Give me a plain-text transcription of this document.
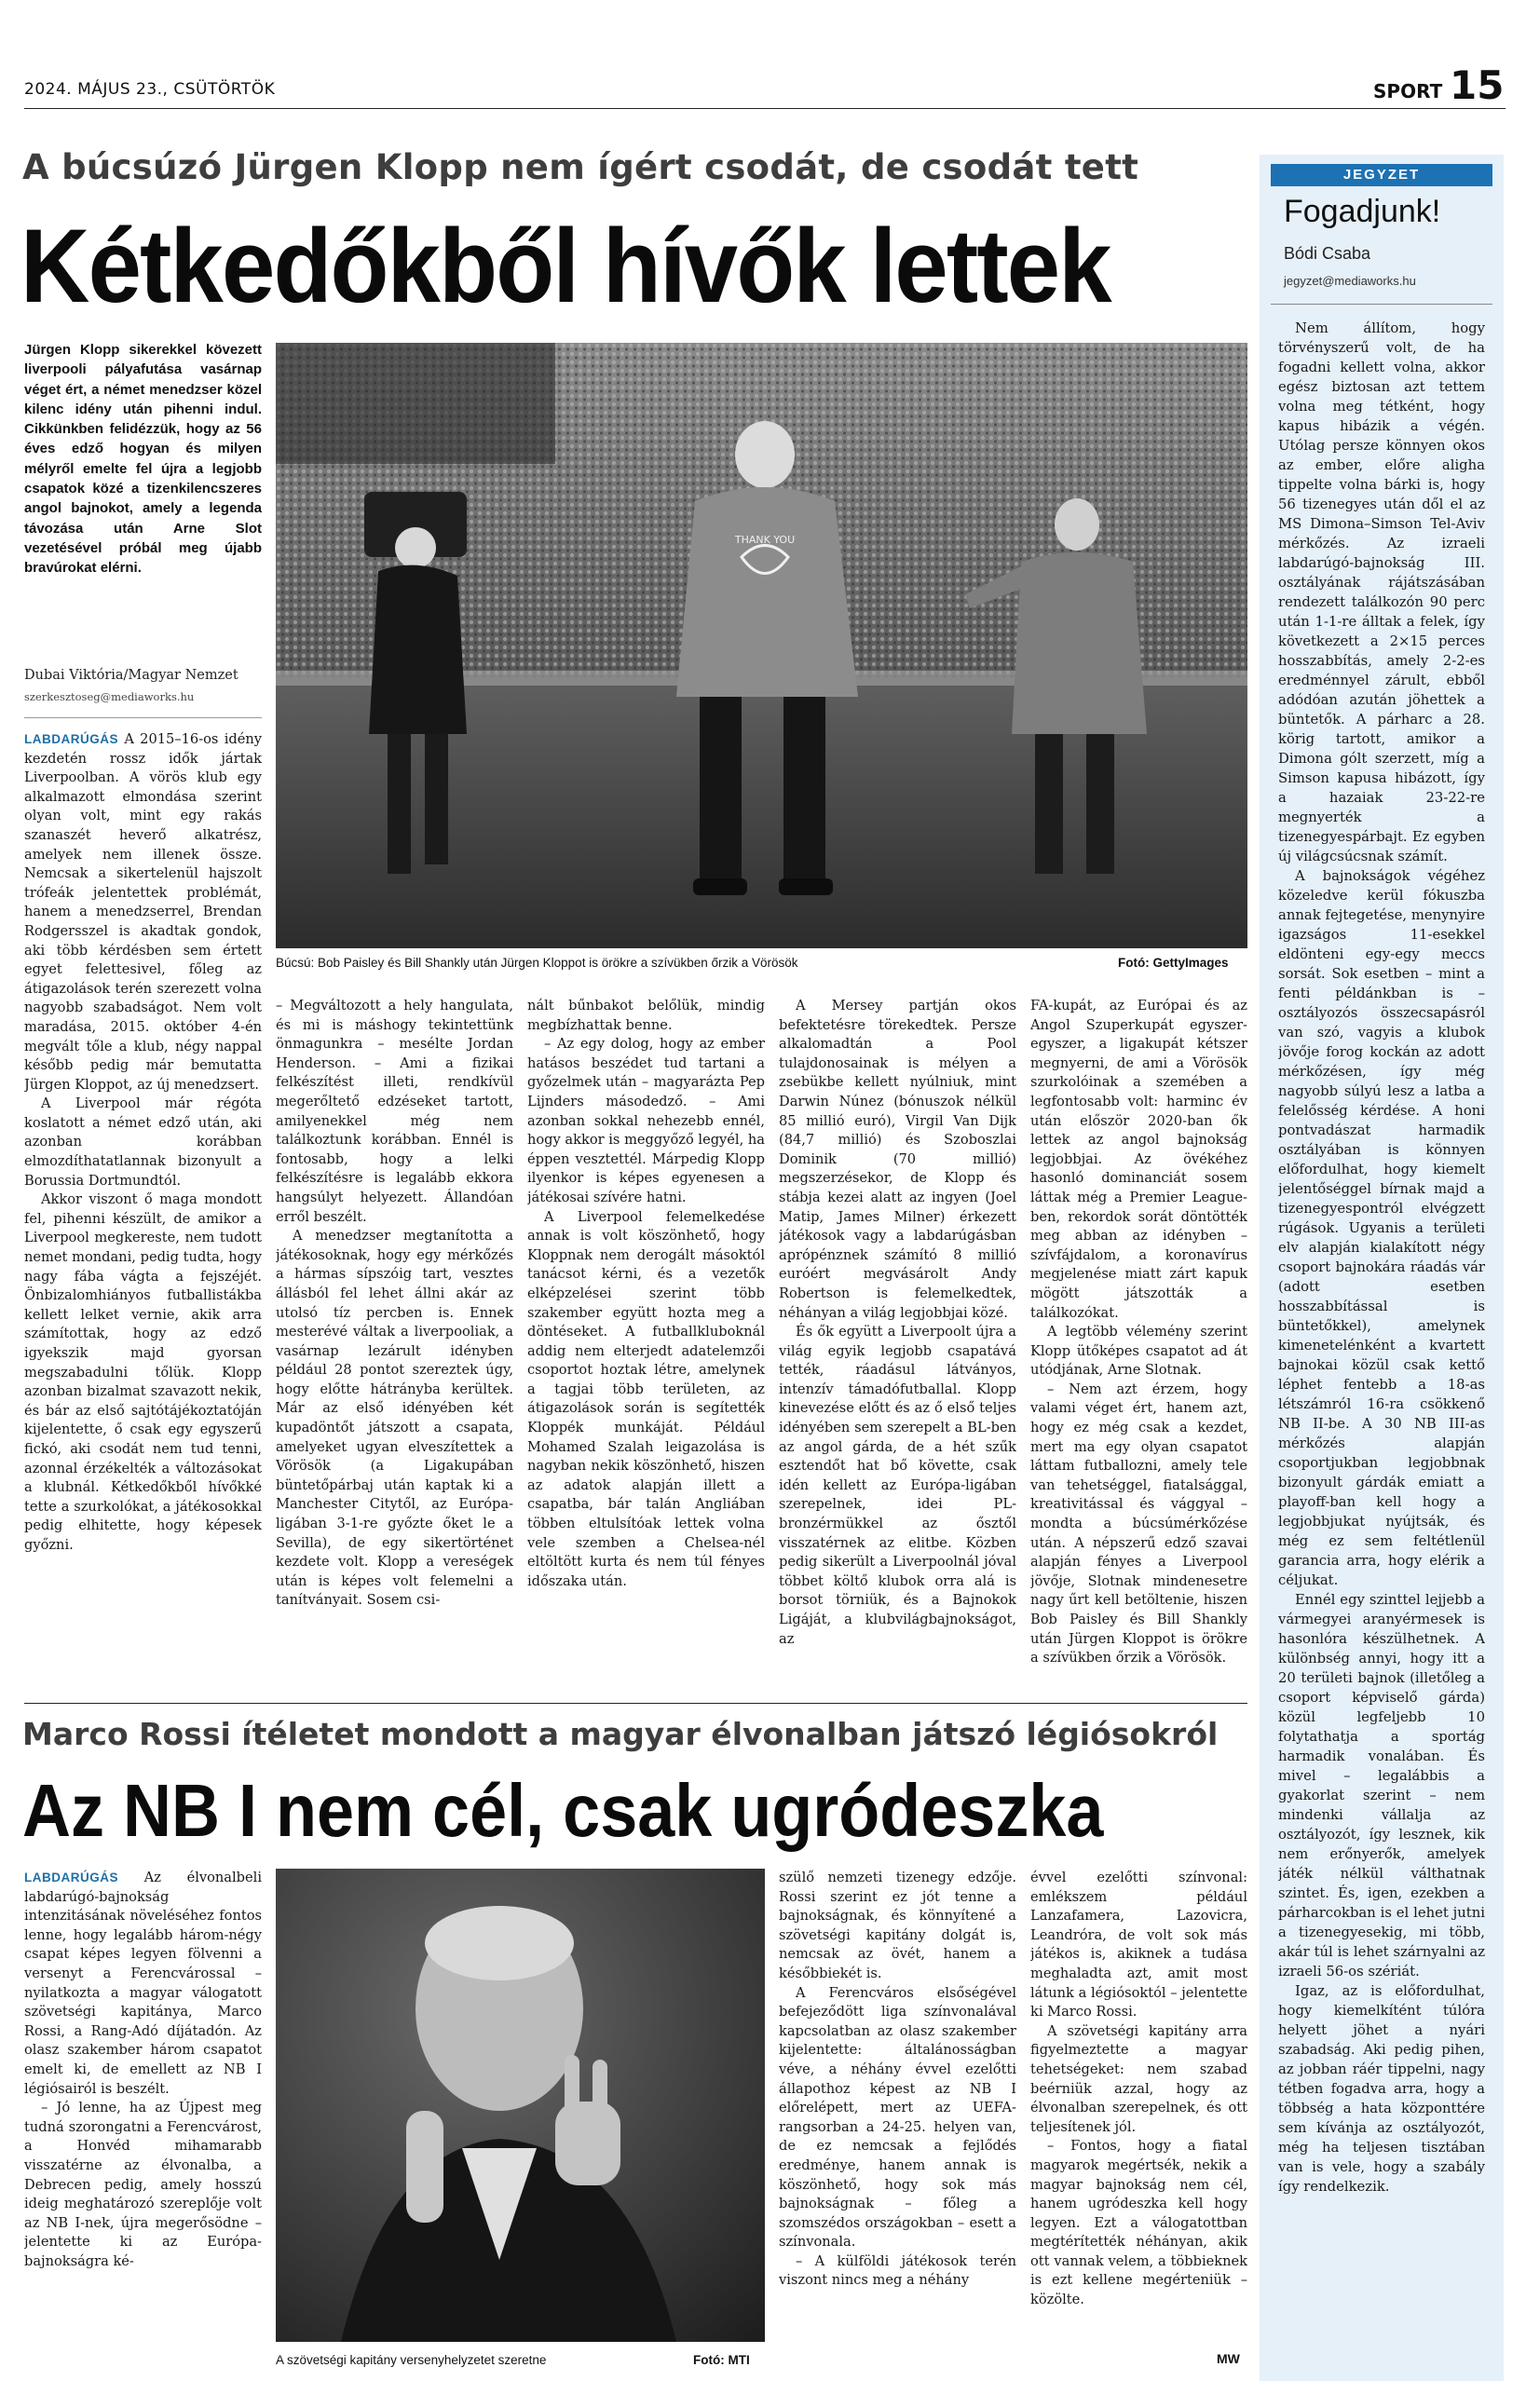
2024. MÁJUS 23., CSÜTÖRTÖK	SPORT 15
A búcsúzó Jürgen Klopp nem ígért csodát, de csodát tett
Kétkedőkből hívők lettek
Jürgen Klopp sikerekkel kövezett liverpooli pályafutása vasárnap véget ért, a német menedzser közel kilenc idény után pihenni indul. Cikkünkben felidézzük, hogy az 56 éves edző hogyan és milyen mélyről emelte fel újra a legjobb csapatok közé a tizenkilencszeres angol bajnokot, amely a legenda távozása után Arne Slot vezetésével próbál meg újabb bravúrokat elérni.
Dubai Viktória/Magyar Nemzet
szerkesztoseg@mediaworks.hu
THANK YOU
Búcsú: Bob Paisley és Bill Shankly után Jürgen Kloppot is örökre a szívükben őrzik a Vörösök	Fotó: GettyImages

LABDARÚGÁS A 2015–16-os idény kezdetén rossz idők jártak Liverpoolban. A vörös klub egy alkalmazott elmondása szerint olyan volt, mint egy rakás szanaszét heverő alkatrész, amelyek nem illenek össze. Nemcsak a sikertelenül hajszolt trófeák jelentettek problémát, hanem a menedzserrel, Brendan Rodgersszel is akadtak gondok, aki több kérdésben sem értett egyet felettesivel, főleg az átigazolások terén szerezett volna nagyobb szabadságot. Nem volt maradása, 2015. október 4-én megvált tőle a klub, négy nappal később pedig már bemutatta Jürgen Kloppot, az új menedzsert.

A Liverpool már régóta koslatott a német edző után, aki azonban korábban elmozdíthatatlannak bizonyult a Borussia Dortmundtól.

Akkor viszont ő maga mondott fel, pihenni készült, de amikor a Liverpool megkereste, nem tudott nemet mondani, pedig tudta, hogy nagy fába vágta a fejszéjét. Önbizalomhiányos futballistákba kellett lelket vernie, akik arra számítottak, hogy az edző igyekszik majd gyorsan megszabadulni tőlük. Klopp azonban bizalmat szavazott nekik, és bár az első sajtótájékoztatóján kijelentette, ő csak egy egyszerű fickó, aki csodát nem tud tenni, azonnal érzékelték a változásokat a klubnál. Kétkedőkből hívőkké tette a szurkolókat, a játékosokkal pedig elhitette, hogy képesek győzni.

– Megváltozott a hely hangulata, és mi is máshogy tekintettünk önmagunkra – mesélte Jordan Henderson. – Ami a fizikai felkészítést illeti, rendkívül megerőltető edzéseket tartott, amilyenekkel még nem találkoztunk korábban. Ennél is fontosabb, hogy a lelki felkészítésre is legalább ekkora hangsúlyt helyezett. Állandóan erről beszélt.

A menedzser megtanította a játékosoknak, hogy egy mérkőzés a hármas sípszóig tart, vesztes állásból fel lehet állni akár az utolsó tíz percben is. Ennek mesterévé váltak a liverpooliak, a vasárnap lezárult idényben például 28 pontot szereztek úgy, hogy előtte hátrányba kerültek. Már az első idényében két kupadöntőt játszott a csapata, amelyeket ugyan elveszítettek a Vörösök (a Ligakupában büntetőpárbaj után kaptak ki a Manchester Citytől, az Európa-ligában 3-1-re győzte őket le a Sevilla), de egy sikertörténet kezdete volt. Klopp a vereségek után is képes volt felemelni a tanítványait. Sosem csi-

nált bűnbakot belőlük, mindig megbízhattak benne.

– Az egy dolog, hogy az ember hatásos beszédet tud tartani a győzelmek után – magyarázta Pep Lijnders másodedző. – Ami azonban sokkal nehezebb ennél, hogy akkor is meggyőző legyél, ha éppen vesztettél. Márpedig Klopp ilyenkor is képes egyenesen a játékosai szívére hatni.

A Liverpool felemelkedése annak is volt köszönhető, hogy Kloppnak nem derogált másoktól tanácsot kérni, és a vezetők elképzelései szerint több szakember együtt hozta meg a döntéseket. A futballkluboknál addig nem elterjedt adatelemzői csoportot hoztak létre, amelynek a tagjai több területen, az átigazolások során is segítették Kloppék munkáját. Például Mohamed Szalah leigazolása is nagyban nekik köszönhető, hiszen az adatok alapján illett a csapatba, bár talán Angliában többen eltulsítóak lettek volna vele szemben a Chelsea-nél eltöltött kurta és nem túl fényes időszaka után.

A Mersey partján okos befektetésre törekedtek. Persze alkalomadtán a Pool tulajdonosainak is mélyen a zsebükbe kellett nyúlniuk, mint Darwin Núnez (bónuszok nélkül 85 millió euró), Virgil Van Dijk (84,7 millió) és Szoboszlai Dominik (70 millió) megszerzésekor, de Klopp és stábja kezei alatt az ingyen (Joel Matip, James Milner) érkezett játékosok vagy a labdarúgásban aprópénznek számító 8 millió euróért megvásárolt Andy Robertson is felemelkedtek, néhányan a világ legjobbjai közé.

És ők együtt a Liverpoolt újra a világ egyik legjobb csapatává tették, ráadásul látványos, intenzív támadófutballal. Klopp kinevezése előtt és az ő első teljes idényében sem szerepelt a BL-ben az angol gárda, de a hét szűk esztendőt hat bő követte, csak idén kellett az Európa-ligában szerepelnek, idei PL-bronzérmükkel az ősztől visszatérnek az elitbe. Közben pedig sikerült a Liverpoolnál jóval többet költő klubok orra alá is borsot törniük, és a Bajnokok Ligáját, a klubvilágbajnokságot, az

FA-kupát, az Európai és az Angol Szuperkupát egyszer-egyszer, a ligakupát kétszer megnyerni, de ami a Vörösök szurkolóinak a szemében a legfontosabb volt: harminc év után először 2020-ban ők lettek az angol bajnokság legjobbjai. Az övékéhez hasonló dominanciát sosem láttak még a Premier League-ben, rekordok sorát döntötték meg abban az idényben – szívfájdalom, a koronavírus megjelenése miatt zárt kapuk mögött játszották a találkozókat.

A legtöbb vélemény szerint Klopp ütőképes csapatot ad át utódjának, Arne Slotnak.

– Nem azt érzem, hogy valami véget ért, hanem azt, hogy ez még csak a kezdet, mert ma egy olyan csapatot láttam futballozni, amely tele van tehetséggel, fiatalsággal, kreativitással és vággyal – mondta a búcsúmérkőzése után. A népszerű edző szavai alapján fényes a Liverpool jövője, Slotnak mindenesetre nagy űrt kell betöltenie, hiszen Bob Paisley és Bill Shankly után Jürgen Kloppot is örökre a szívükben őrzik a Vörösök.

Marco Rossi ítéletet mondott a magyar élvonalban játszó légiósokról
Az NB I nem cél, csak ugródeszka

LABDARÚGÁS Az élvonalbeli labdarúgó-bajnokság intenzitásának növeléséhez fontos lenne, hogy legalább három-négy csapat képes legyen fölvenni a versenyt a Ferencvárossal – nyilatkozta a magyar válogatott szövetségi kapitánya, Marco Rossi, a Rang-Adó díjátadón. Az olasz szakember három csapatot emelt ki, de emellett az NB I légiósairól is beszélt.

– Jó lenne, ha az Újpest meg tudná szorongatni a Ferencvárost, a Honvéd mihamarabb visszatérne az élvonalba, a Debrecen pedig, amely hosszú ideig meghatározó szereplője volt az NB I-nek, újra megerősödne – jelentette ki az Európa-bajnokságra ké-

A szövetségi kapitány versenyhelyzetet szeretne	Fotó: MTI

szülő nemzeti tizenegy edzője. Rossi szerint ez jót tenne a bajnokságnak, és könnyítené a szövetségi kapitány dolgát is, nemcsak az övét, hanem a későbbiekét is.

A Ferencváros elsőségével befejeződött liga színvonalával kapcsolatban az olasz szakember kijelentette: általánosságban véve, a néhány évvel ezelőtti állapothoz képest az NB I előrelépett, mert az UEFA-rangsorban a 24-25. helyen van, de ez nemcsak a fejlődés eredménye, hanem annak is köszönhető, hogy sok más bajnokságnak – főleg a szomszédos országokban – esett a színvonala.

– A külföldi játékosok terén viszont nincs meg a néhány

évvel ezelőtti színvonal: emlékszem például Lanzafamera, Lazovicra, Leandróra, de volt sok más játékos is, akiknek a tudása meghaladta azt, amit most látunk a légiósoktól – jelentette ki Marco Rossi.

A szövetségi kapitány arra figyelmeztette a magyar tehetségeket: nem szabad beérniük azzal, hogy az élvonalban szerepelnek, és ott teljesítenek jól.

– Fontos, hogy a fiatal magyarok megértsék, nekik a magyar bajnokság nem cél, hanem ugródeszka kell hogy legyen. Ezt a válogatottban megtérítették néhányan, akik ott vannak velem, a többieknek is ezt kellene megérteniük – közölte.

MW
JEGYZET
Fogadjunk!
Bódi Csaba
jegyzet@mediaworks.hu

Nem állítom, hogy törvényszerű volt, de ha fogadni kellett volna, akkor egész biztosan azt tettem volna meg tétként, hogy kapus hibázik a végén. Utólag persze könnyen okos az ember, előre aligha tippelte volna bárki is, hogy 56 tizenegyes után dől el az MS Dimona–Simson Tel-Aviv mérkőzés. Az izraeli labdarúgó-bajnokság III. osztályának rájátszásában rendezett találkozón 90 perc után 1-1-re álltak a felek, így következett a 2×15 perces hosszabbítás, amely 2-2-es eredménnyel zárult, ebből adódóan azután jöhettek a büntetők. A párharc a 28. körig tartott, amikor a Dimona gólt szerzett, míg a Simson kapusa hibázott, így a hazaiak 23-22-re megnyerték a tizenegyespárbajt. Ez egyben új világcsúcsnak számít.

A bajnokságok végéhez közeledve kerül fókuszba annak fejtegetése, menynyire igazságos 11-esekkel eldönteni egy-egy meccs sorsát. Sok esetben – mint a fenti példánkban is – osztályozós összecsapásról van szó, vagyis a klubok jövője forog kockán az adott mérkőzésen, így még nagyobb súlyú lesz a latba a felelősség kérdése. A honi pontvadászat harmadik osztályában is könnyen előfordulhat, hogy kiemelt jelentőséggel bírnak majd a tizenegyespontról elvégzett rúgások. Ugyanis a területi elv alapján kialakított négy csoport bajnokára ráadás vár (adott esetben hosszabbítással is büntetőkkel), amelynek kimenetelénként a kvartett bajnokai közül csak kettő léphet fentebb a 18-as létszámról 16-ra csökkenő NB II-be. A 30 NB III-as mérkőzés alapján csoportjukban legjobbnak bizonyult gárdák emiatt a playoff-ban kell hogy a legjobbjukat nyújtsák, és még ez sem feltétlenül garancia arra, hogy elérik a céljukat.

Ennél egy szinttel lejjebb a vármegyei aranyérmesek is hasonlóra készülhetnek. A különbség annyi, hogy itt a 20 területi bajnok (illetőleg a csoport képviselő gárda) közül legfeljebb 10 folytathatja a sportág harmadik vonalában. És mivel – legalábbis a gyakorlat szerint – nem mindenki vállalja az osztályozót, így lesznek, kik nem erőnyerők, amelyek játék nélkül válthatnak szintet. És, igen, ezekben a párharcokban is el lehet jutni a tizenegyesekig, mi több, akár túl is lehet szárnyalni az izraeli 56-os szériát.

Igaz, az is előfordulhat, hogy kiemelkítént túlóra helyett jöhet a nyári szabadság. Aki pedig pihen, az jobban ráér tippelni, nagy tétben fogadva arra, hogy a többség a hata központtére sem kívánja az osztályozót, még ha teljesen tisztában van is vele, hogy a szabály így rendelkezik.
